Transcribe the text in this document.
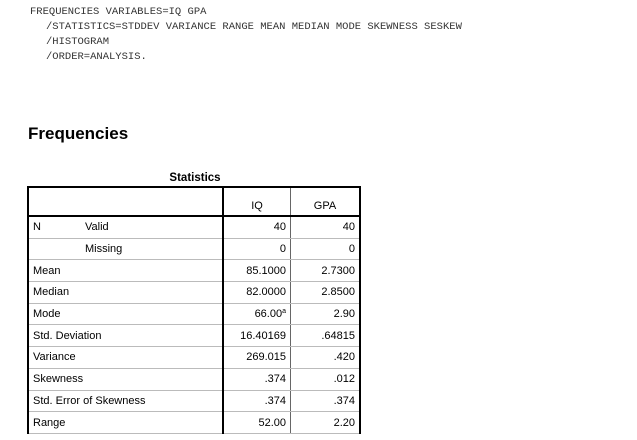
FREQUENCIES VARIABLES=IQ GPA
/STATISTICS=STDDEV VARIANCE RANGE MEAN MEDIAN MODE SKEWNESS SESKEW
/HISTOGRAM
/ORDER=ANALYSIS.
Frequencies
Statistics
		IQ	GPA
N	Valid	40	40
	Missing	0	0
Mean		85.1000	2.7300
Median		82.0000	2.8500
Mode		66.00$^a$	2.90
Std. Deviation		16.40169	.64815
Variance		269.015	.420
Skewness		.374	.012
Std. Error of Skewness		.374	.374
Range		52.00	2.20
